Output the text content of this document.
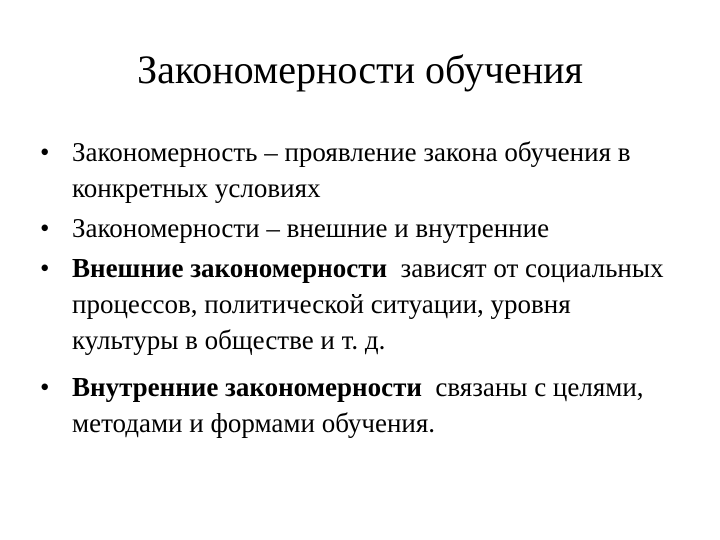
Закономерности обучения
• Закономерность – проявление закона обучения в конкретных условиях
• Закономерности – внешние и внутренние
• Внешние закономерности  зависят от социальных процессов, политической ситуации, уровня культуры в обществе и т. д.
• Внутренние закономерности  связаны с целями, методами и формами обучения.
